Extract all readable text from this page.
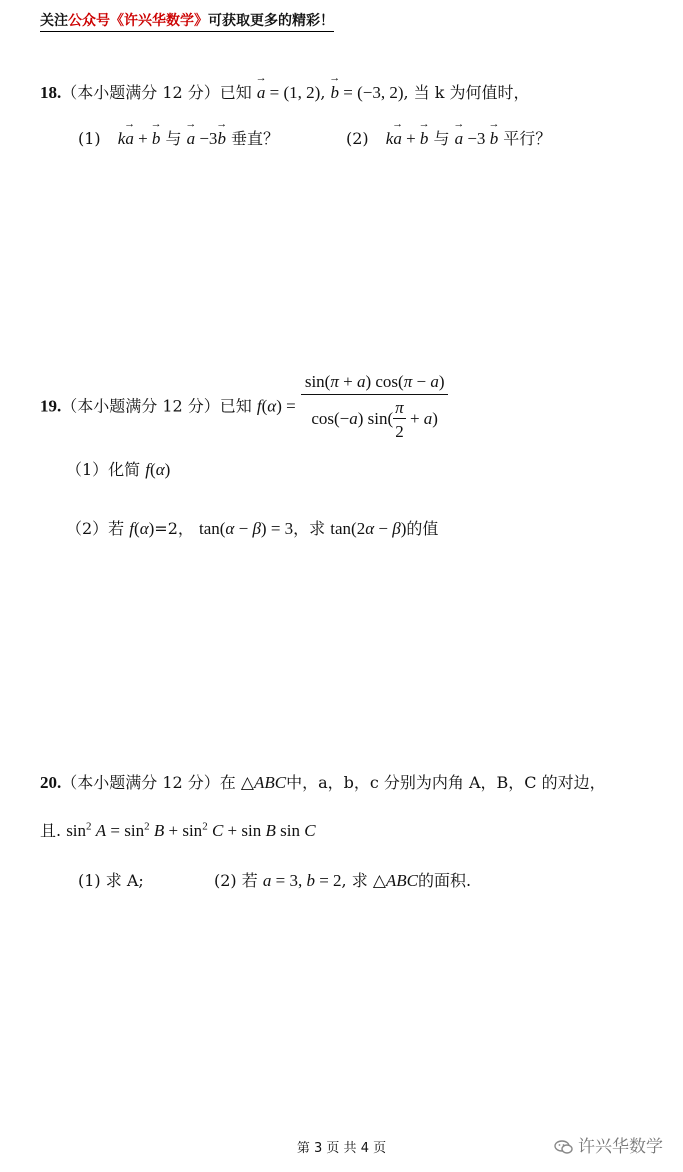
关注公众号《许兴华数学》可获取更多的精彩！
18.（本小题满分 12 分）已知 → a = (1, 2), → b = (−3, 2), 当 k 为何值时，
(1) k→ a + → b 与 → a −3→ b 垂直？	(2) k→ a + → b 与 → a −3 → b 平行？
19.（本小题满分 12 分）已知 $f(\alpha) = \frac{\sin(\pi + a) \cos(\pi - a)}{\cos(-a) \sin( \frac{\pi}{2} + a)}$
（1）化简 f(α)
（2）若 f(α)=2， tan(α − β) = 3，求 tan(2α − β)的值
20.（本小题满分 12 分）在 △ABC中，a，b，c 分别为内角 A，B，C 的对边，
且. $\sin^2 A = \sin^2 B + \sin^2 C + \sin B$ sin C
(1) 求 A;	(2) 若 a = 3, b = 2, 求 △ABC的面积.
第 3 页 共 4 页	许兴华数学
